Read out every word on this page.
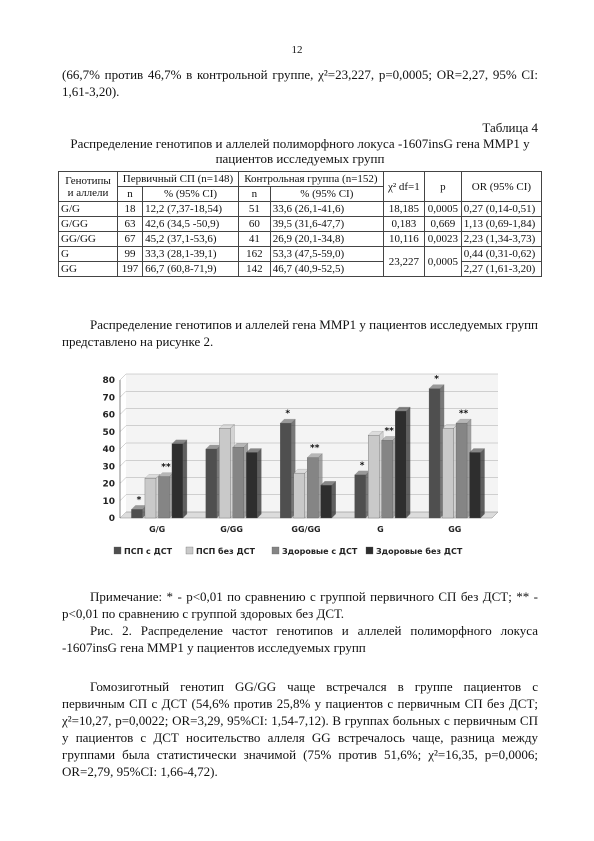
12

(66,7% против 46,7% в контрольной группе, χ²=23,227, p=0,0005; OR=2,27, 95% CI: 1,61-3,20).

Таблица 4
Распределение генотипов и аллелей полиморфного локуса -1607insG гена MMP1 у пациентов исследуемых групп
Генотипы и аллели	Первичный СП (n=148)		Контрольная группа (n=152)		χ² df=1	p	OR (95% CI)
	n	% (95% CI)	n	% (95% CI)			
G/G	18	12,2 (7,37-18,54)	51	33,6 (26,1-41,6)	18,185	0,0005	0,27 (0,14-0,51)
G/GG	63	42,6 (34,5 -50,9)	60	39,5 (31,6-47,7)	0,183	0,669	1,13 (0,69-1,84)
GG/GG	67	45,2 (37,1-53,6)	41	26,9 (20,1-34,8)	10,116	0,0023	2,23 (1,34-3,73)
G	99	33,3 (28,1-39,1)	162	53,3 (47,5-59,0)	23,227	0,0005	0,44 (0,31-0,62)
GG	197	66,7 (60,8-71,9)	142	46,7 (40,9-52,5)			2,27 (1,61-3,20)

Распределение генотипов и аллелей гена MMP1 у пациентов исследуемых групп представлено на рисунке 2.

0
10
20
30
40
50
60
70
80
*
**
*
**
*
**
*
**
G/G	G/GG	GG/GG	G	GG
ПСП с ДСТ	ПСП без ДСТ	Здоровые с ДСТ Здоровые без ДСТ

Примечание: * - p<0,01 по сравнению с группой первичного СП без ДСТ; ** - p<0,01 по сравнению с группой здоровых без ДСТ.

Рис. 2. Распределение частот генотипов и аллелей полиморфного локуса -1607insG гена MMP1 у пациентов исследуемых групп

Гомозиготный генотип GG/GG чаще встречался в группе пациентов с первичным СП с ДСТ (54,6% против 25,8% у пациентов с первичным СП без ДСТ; χ²=10,27, p=0,0022; OR=3,29, 95%CI: 1,54-7,12). В группах больных с первичным СП у пациентов с ДСТ носительство аллеля GG встречалось чаще, разница между группами была статистически значимой (75% против 51,6%; χ²=16,35, p=0,0006; OR=2,79, 95%CI: 1,66-4,72).
